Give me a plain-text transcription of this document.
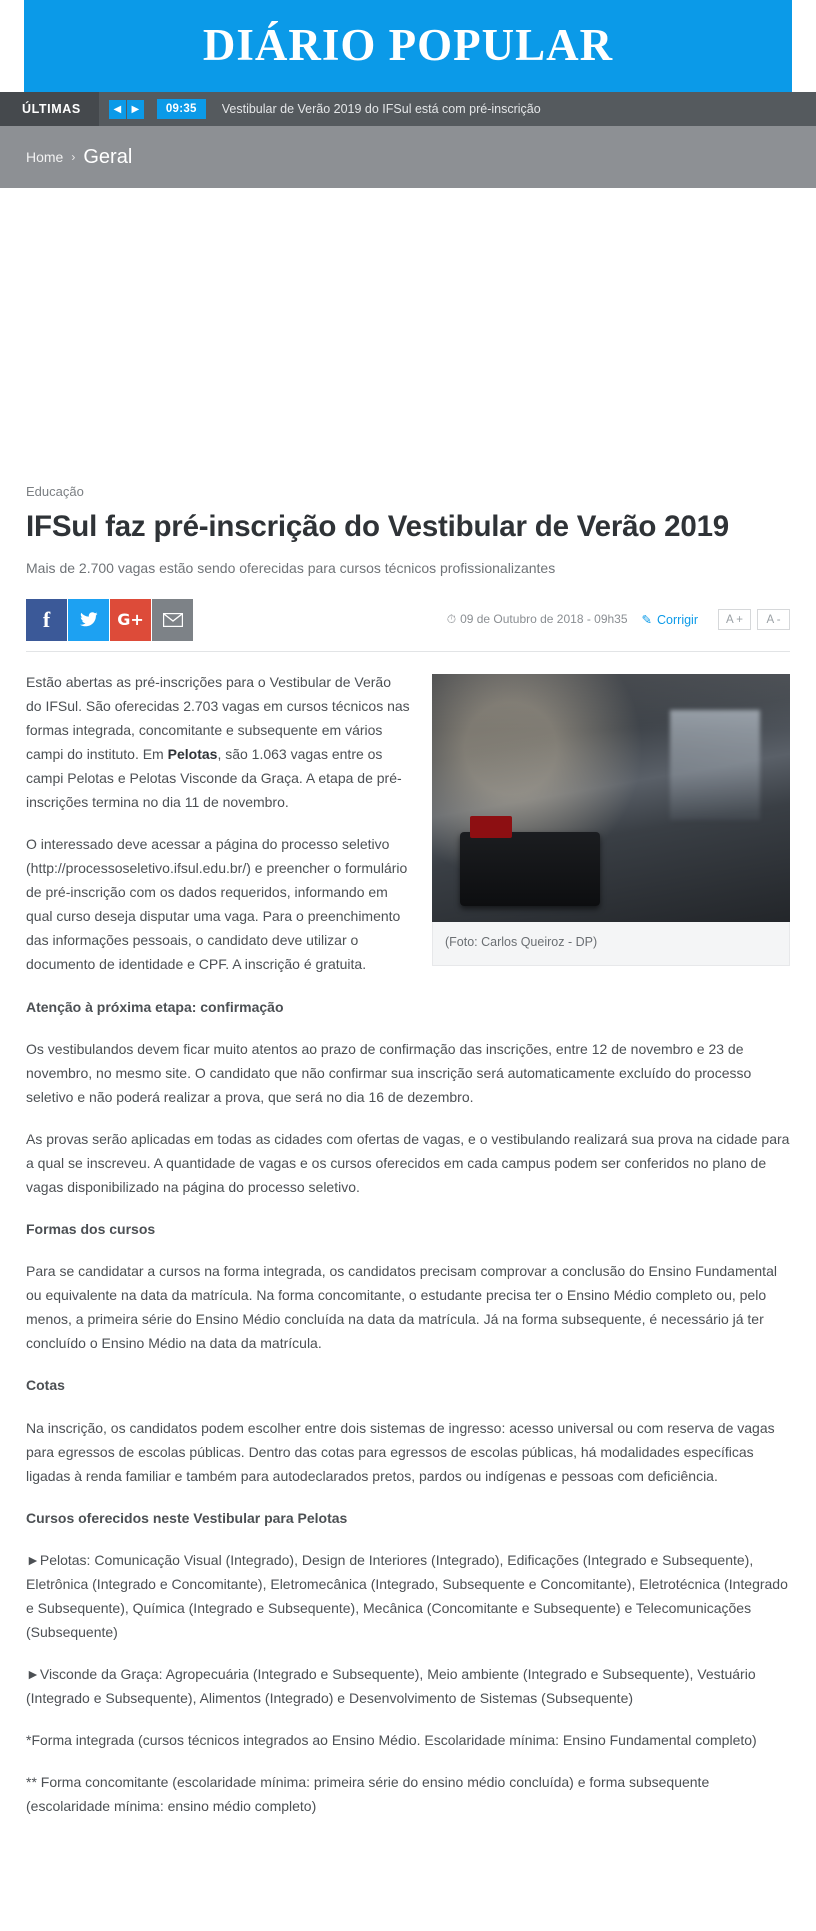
DIÁRIO POPULAR
ÚLTIMAS	◀	▶	09:35	Vestibular de Verão 2019 do IFSul está com pré-inscrição
Home › Geral
Educação
IFSul faz pré-inscrição do Vestibular de Verão 2019

Mais de 2.700 vagas estão sendo oferecidas para cursos técnicos profissionalizantes

f	G+	⏱ 09 de Outubro de 2018 - 09h35 ✎ Corrigir	A +	A -
(Foto: Carlos Queiroz - DP)

Estão abertas as pré-inscrições para o Vestibular de Verão do IFSul. São oferecidas 2.703 vagas em cursos técnicos nas formas integrada, concomitante e subsequente em vários campi do instituto. Em Pelotas, são 1.063 vagas entre os campi Pelotas e Pelotas Visconde da Graça. A etapa de pré-inscrições termina no dia 11 de novembro.

O interessado deve acessar a página do processo seletivo (http://processoseletivo.ifsul.edu.br/) e preencher o formulário de pré-inscrição com os dados requeridos, informando em qual curso deseja disputar uma vaga. Para o preenchimento das informações pessoais, o candidato deve utilizar o documento de identidade e CPF. A inscrição é gratuita.

Atenção à próxima etapa: confirmação

Os vestibulandos devem ficar muito atentos ao prazo de confirmação das inscrições, entre 12 de novembro e 23 de novembro, no mesmo site. O candidato que não confirmar sua inscrição será automaticamente excluído do processo seletivo e não poderá realizar a prova, que será no dia 16 de dezembro.

As provas serão aplicadas em todas as cidades com ofertas de vagas, e o vestibulando realizará sua prova na cidade para a qual se inscreveu. A quantidade de vagas e os cursos oferecidos em cada campus podem ser conferidos no plano de vagas disponibilizado na página do processo seletivo.

Formas dos cursos

Para se candidatar a cursos na forma integrada, os candidatos precisam comprovar a conclusão do Ensino Fundamental ou equivalente na data da matrícula. Na forma concomitante, o estudante precisa ter o Ensino Médio completo ou, pelo menos, a primeira série do Ensino Médio concluída na data da matrícula. Já na forma subsequente, é necessário já ter concluído o Ensino Médio na data da matrícula.

Cotas

Na inscrição, os candidatos podem escolher entre dois sistemas de ingresso: acesso universal ou com reserva de vagas para egressos de escolas públicas. Dentro das cotas para egressos de escolas públicas, há modalidades específicas ligadas à renda familiar e também para autodeclarados pretos, pardos ou indígenas e pessoas com deficiência.

Cursos oferecidos neste Vestibular para Pelotas

►Pelotas: Comunicação Visual (Integrado), Design de Interiores (Integrado), Edificações (Integrado e Subsequente), Eletrônica (Integrado e Concomitante), Eletromecânica (Integrado, Subsequente e Concomitante), Eletrotécnica (Integrado e Subsequente), Química (Integrado e Subsequente), Mecânica (Concomitante e Subsequente) e Telecomunicações (Subsequente)

►Visconde da Graça: Agropecuária (Integrado e Subsequente), Meio ambiente (Integrado e Subsequente), Vestuário (Integrado e Subsequente), Alimentos (Integrado) e Desenvolvimento de Sistemas (Subsequente)

*Forma integrada (cursos técnicos integrados ao Ensino Médio. Escolaridade mínima: Ensino Fundamental completo)

** Forma concomitante (escolaridade mínima: primeira série do ensino médio concluída) e forma subsequente (escolaridade mínima: ensino médio completo)
